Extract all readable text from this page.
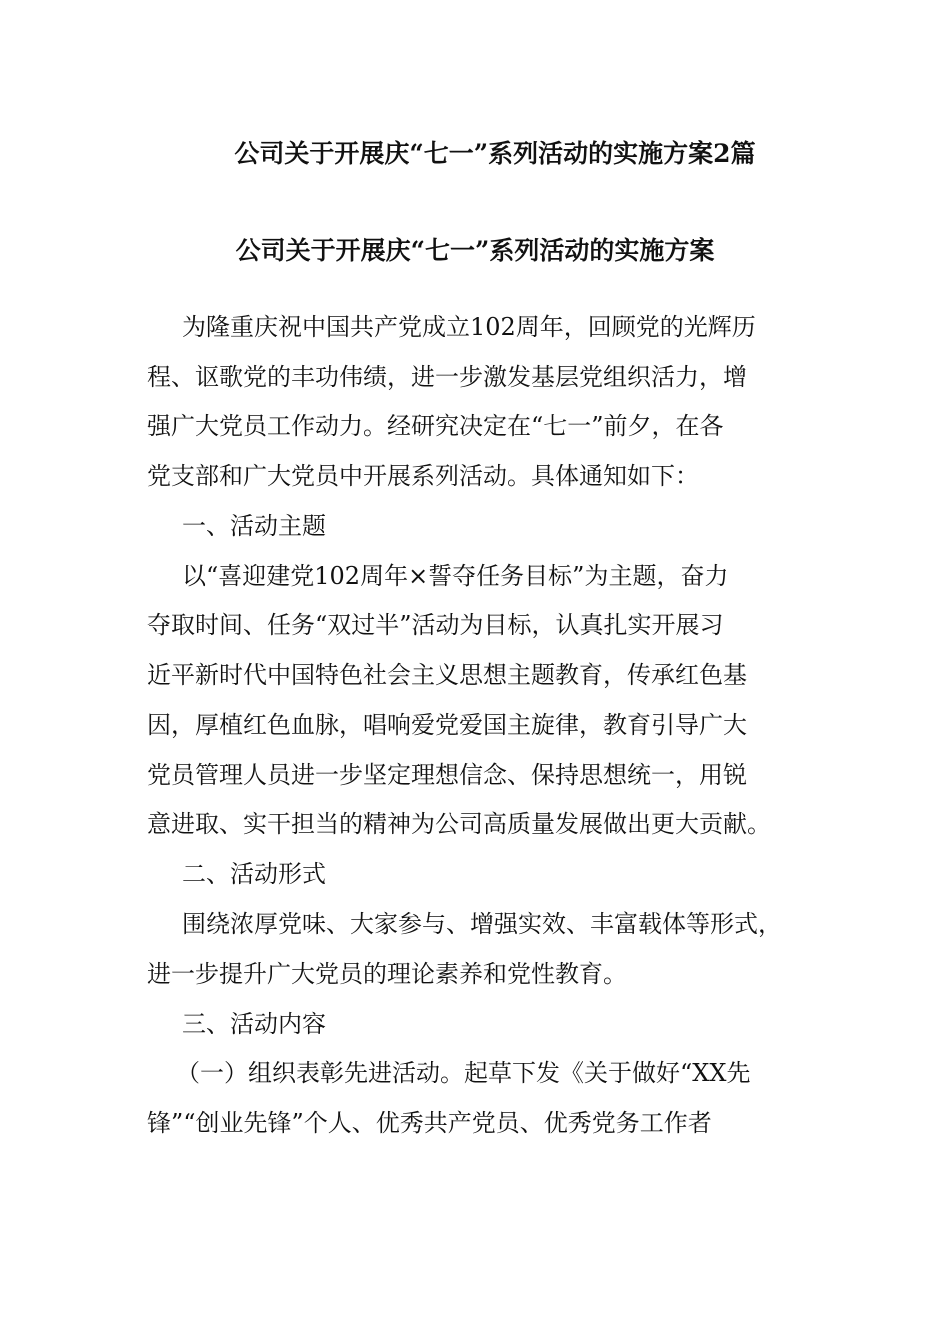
公司关于开展庆“七一”系列活动的实施方案2篇
公司关于开展庆“七一”系列活动的实施方案

为隆重庆祝中国共产党成立102周年，回顾党的光辉历

程、讴歌党的丰功伟绩，进一步激发基层党组织活力，增

强广大党员工作动力。经研究决定在“七一”前夕，在各

党支部和广大党员中开展系列活动。具体通知如下：

一、活动主题

以“喜迎建党102周年×誓夺任务目标”为主题，奋力

夺取时间、任务“双过半”活动为目标，认真扎实开展习

近平新时代中国特色社会主义思想主题教育，传承红色基

因，厚植红色血脉，唱响爱党爱国主旋律，教育引导广大

党员管理人员进一步坚定理想信念、保持思想统一，用锐

意进取、实干担当的精神为公司高质量发展做出更大贡献。

二、活动形式

围绕浓厚党味、大家参与、增强实效、丰富载体等形式，

进一步提升广大党员的理论素养和党性教育。

三、活动内容

（一）组织表彰先进活动。起草下发《关于做好“XX先

锋”“创业先锋”个人、优秀共产党员、优秀党务工作者
